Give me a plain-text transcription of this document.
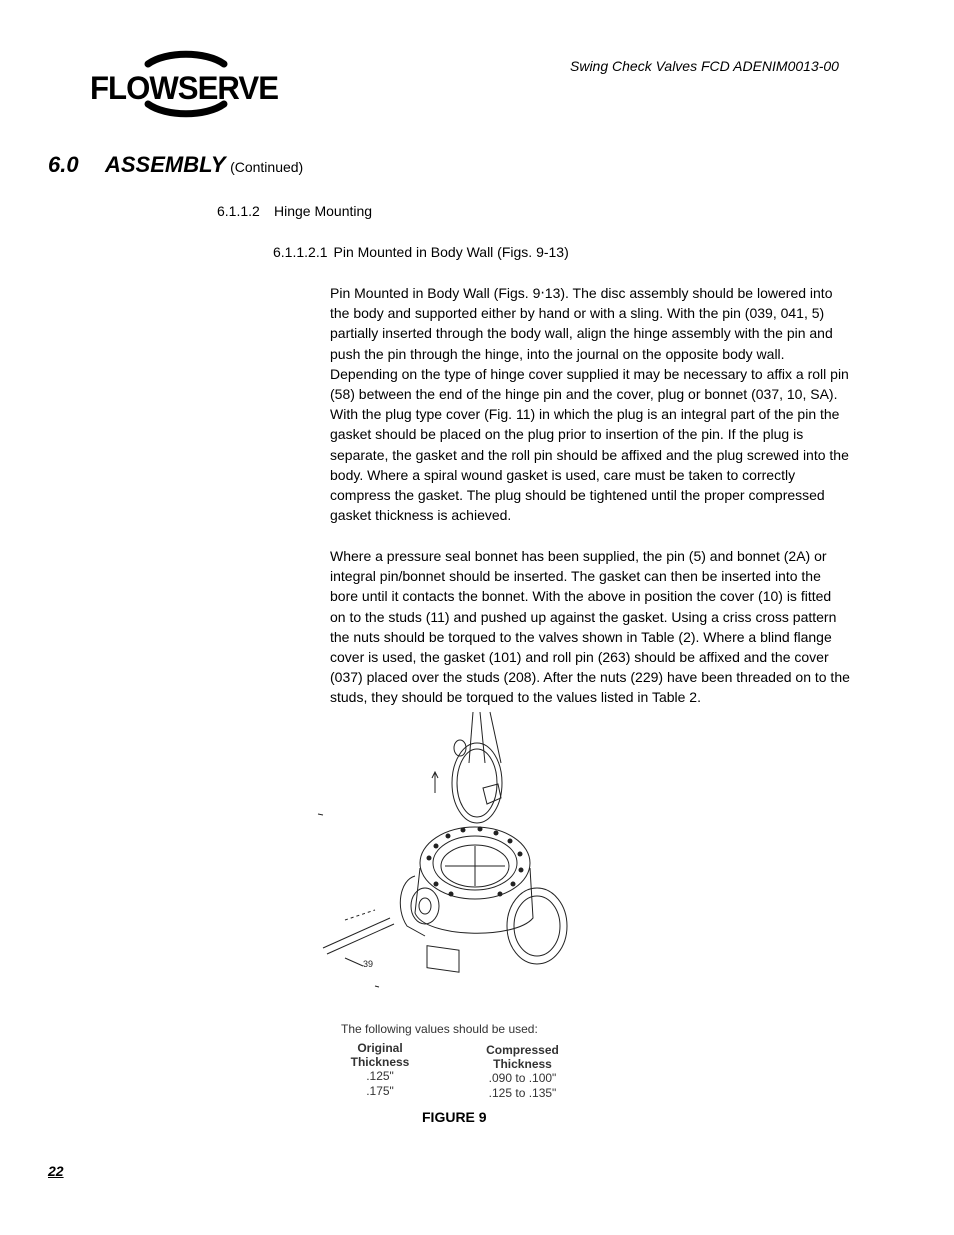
FLOWSERVE
Swing Check Valves FCD ADENIM0013-00
6.0 ASSEMBLY (Continued)
6.1.1.2 Hinge Mounting
6.1.1.2.1 Pin Mounted in Body Wall (Figs. 9-13)

Pin Mounted in Body Wall (Figs. 9‧13). The disc assembly should be lowered into the body and supported either by hand or with a sling. With the pin (039, 041, 5) partially inserted through the body wall, align the hinge assembly with the pin and push the pin through the hinge, into the journal on the opposite body wall. Depending on the type of hinge cover supplied it may be necessary to affix a roll pin (58) between the end of the hinge pin and the cover, plug or bonnet (037, 10, SA). With the plug type cover (Fig. 11) in which the plug is an integral part of the pin the gasket should be placed on the plug prior to insertion of the pin. If the plug is separate, the gasket and the roll pin should be affixed and the plug screwed into the body. Where a spiral wound gasket is used, care must be taken to correctly compress the gasket. The plug should be tightened until the proper compressed gasket thickness is achieved.

Where a pressure seal bonnet has been supplied, the pin (5) and bonnet (2A) or integral pin/bonnet should be inserted. The gasket can then be inserted into the bore until it contacts the bonnet. With the above in position the cover (10) is fitted on to the studs (11) and pushed up against the gasket. Using a criss cross pattern the nuts should be torqued to the valves shown in Table (2). Where a blind flange cover is used, the gasket (101) and roll pin (263) should be affixed and the cover (037) placed over the studs (208). After the nuts (229) have been threaded on to the studs, they should be torqued to the values listed in Table 2.

39
The following values should be used:
Original
Thickness
.125"
.175"
Compressed
Thickness
.090 to .100"
.125 to .135"
FIGURE 9
22
